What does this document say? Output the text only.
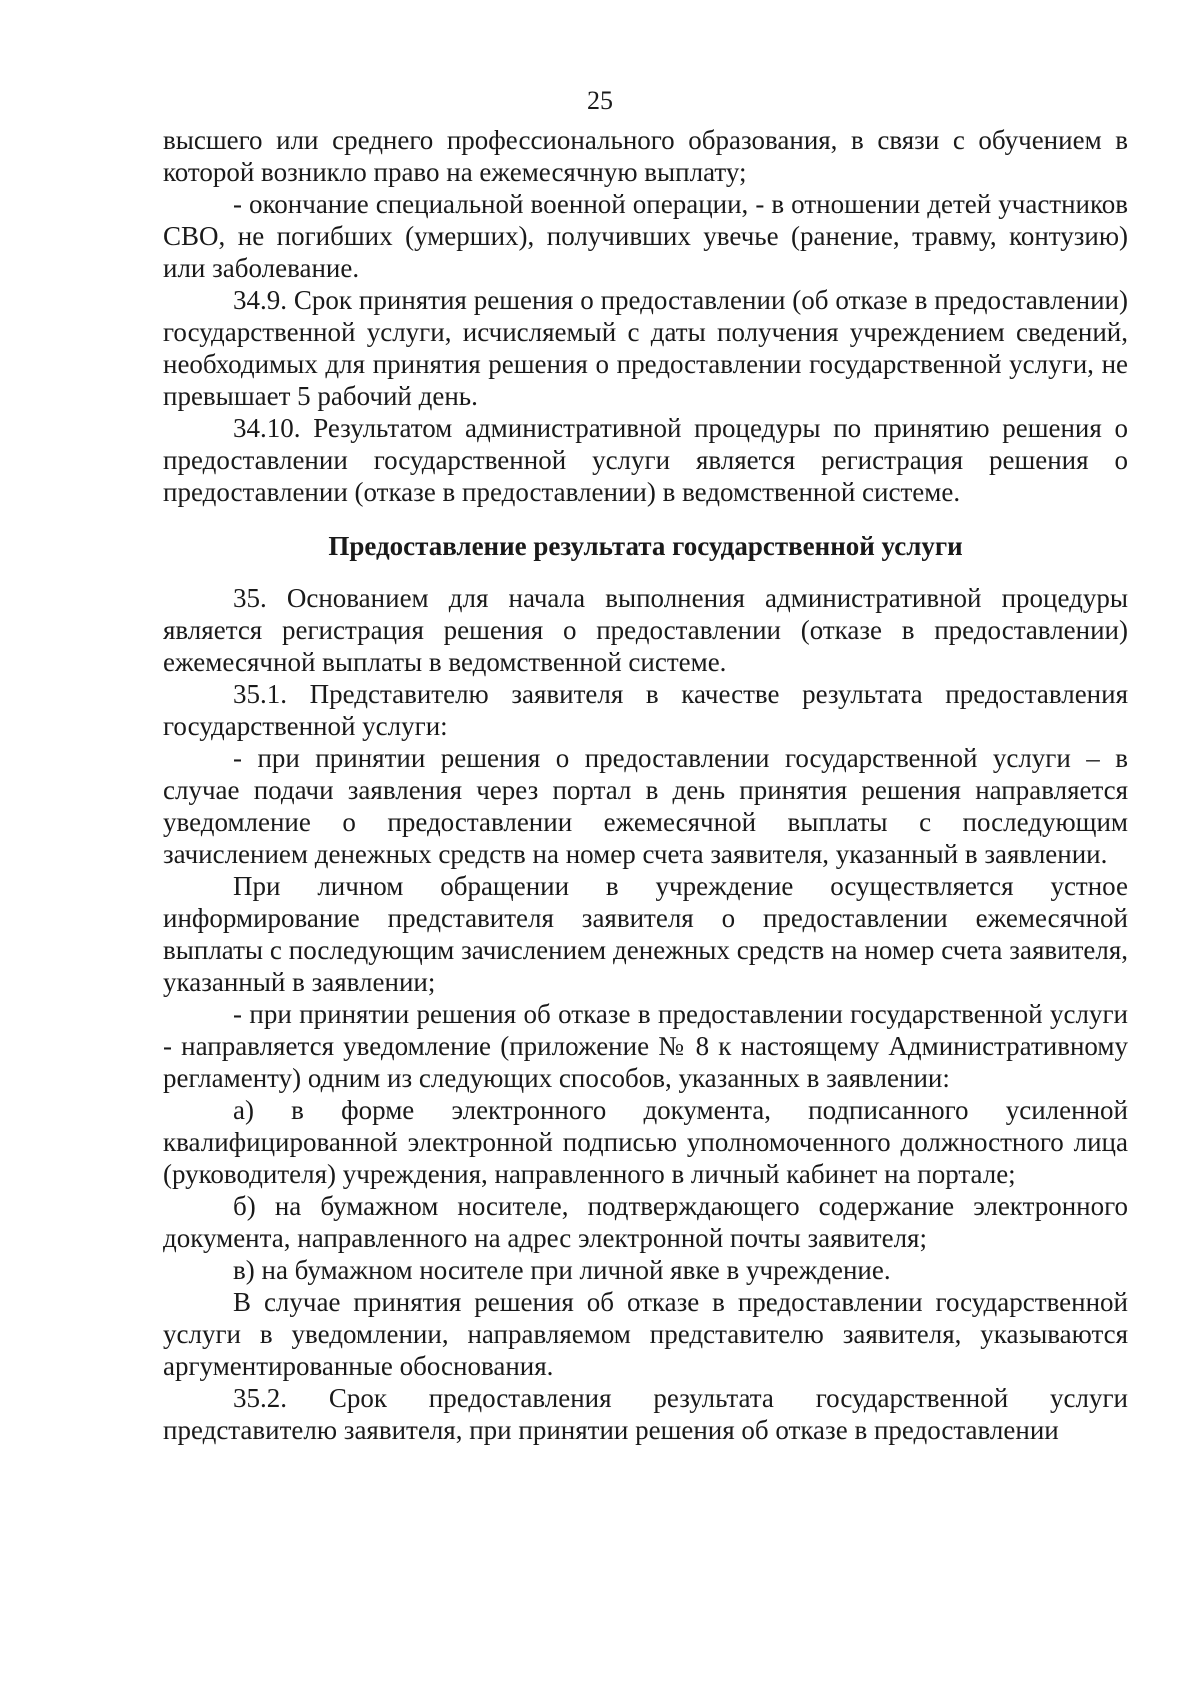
25

высшего или среднего профессионального образования, в связи с обучением в которой возникло право на ежемесячную выплату;

- окончание специальной военной операции, - в отношении детей участников СВО, не погибших (умерших), получивших увечье (ранение, травму, контузию) или заболевание.

34.9. Срок принятия решения о предоставлении (об отказе в предоставлении) государственной услуги, исчисляемый с даты получения учреждением сведений, необходимых для принятия решения о предоставлении государственной услуги, не превышает 5 рабочий день.

34.10. Результатом административной процедуры по принятию решения о предоставлении государственной услуги является регистрация решения о предоставлении (отказе в предоставлении) в ведомственной системе.

Предоставление результата государственной услуги

35. Основанием для начала выполнения административной процедуры является регистрация решения о предоставлении (отказе в предоставлении) ежемесячной выплаты в ведомственной системе.

35.1. Представителю заявителя в качестве результата предоставления государственной услуги:

- при принятии решения о предоставлении государственной услуги – в случае подачи заявления через портал в день принятия решения направляется уведомление о предоставлении ежемесячной выплаты с последующим зачислением денежных средств на номер счета заявителя, указанный в заявлении.

При личном обращении в учреждение осуществляется устное информирование представителя заявителя о предоставлении ежемесячной выплаты с последующим зачислением денежных средств на номер счета заявителя, указанный в заявлении;

- при принятии решения об отказе в предоставлении государственной услуги - направляется уведомление (приложение № 8 к настоящему Административному регламенту) одним из следующих способов, указанных в заявлении:

а) в форме электронного документа, подписанного усиленной квалифицированной электронной подписью уполномоченного должностного лица (руководителя) учреждения, направленного в личный кабинет на портале;

б) на бумажном носителе, подтверждающего содержание электронного документа, направленного на адрес электронной почты заявителя;

в) на бумажном носителе при личной явке в учреждение.

В случае принятия решения об отказе в предоставлении государственной услуги в уведомлении, направляемом представителю заявителя, указываются аргументированные обоснования.

35.2. Срок предоставления результата государственной услуги представителю заявителя, при принятии решения об отказе в предоставлении
